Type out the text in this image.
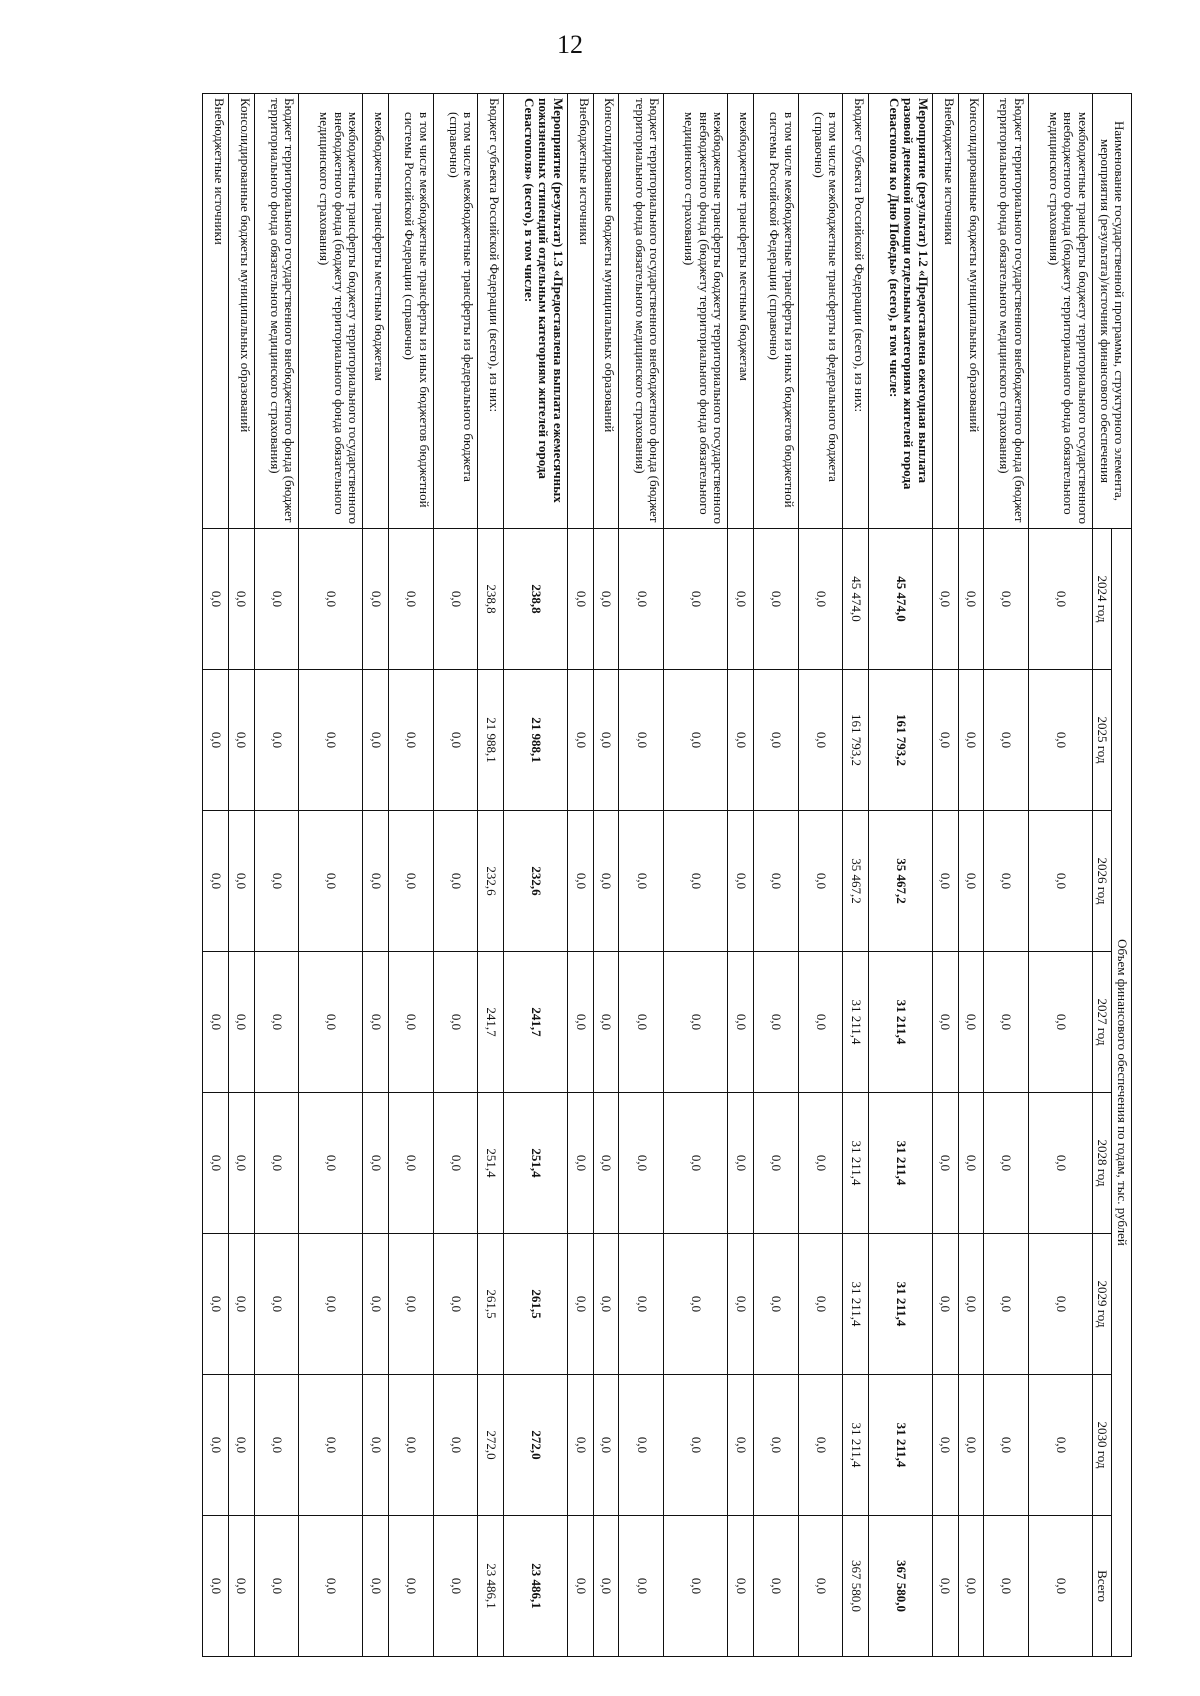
12
Наименование государственной программы, структурного элемента, мероприятия (результата)/источник финансового обеспечения	Объем финансового обеспечения по годам, тыс. рублей							
	2024 год	2025 год	2026 год	2027 год	2028 год	2029 год	2030 год	Всего
межбюджетные трансферты бюджету территориального государственного внебюджетного фонда (бюджету территориального фонда обязательного медицинского страхования)	0,0	0,0	0,0	0,0	0,0	0,0	0,0	0,0
Бюджет территориального государственного внебюджетного фонда (бюджет территориального фонда обязательного медицинского страхования)	0,0	0,0	0,0	0,0	0,0	0,0	0,0	0,0
Консолидированные бюджеты муниципальных образований	0,0	0,0	0,0	0,0	0,0	0,0	0,0	0,0
Внебюджетные источники	0,0	0,0	0,0	0,0	0,0	0,0	0,0	0,0
Мероприятие (результат) 1.2 «Предоставлена ежегодная выплата разовой денежной помощи отдельным категориям жителей города Севастополя ко Дню Победы» (всего), в том числе:	45 474,0	161 793,2	35 467,2	31 211,4	31 211,4	31 211,4	31 211,4	367 580,0
Бюджет субъекта Российской Федерации (всего), из них:	45 474,0	161 793,2	35 467,2	31 211,4	31 211,4	31 211,4	31 211,4	367 580,0
в том числе межбюджетные трансферты из федерального бюджета (справочно)	0,0	0,0	0,0	0,0	0,0	0,0	0,0	0,0
в том числе межбюджетные трансферты из иных бюджетов бюджетной системы Российской Федерации (справочно)	0,0	0,0	0,0	0,0	0,0	0,0	0,0	0,0
межбюджетные трансферты местным бюджетам	0,0	0,0	0,0	0,0	0,0	0,0	0,0	0,0
межбюджетные трансферты бюджету территориального государственного внебюджетного фонда (бюджету территориального фонда обязательного медицинского страхования)	0,0	0,0	0,0	0,0	0,0	0,0	0,0	0,0
Бюджет территориального государственного внебюджетного фонда (бюджет территориального фонда обязательного медицинского страхования)	0,0	0,0	0,0	0,0	0,0	0,0	0,0	0,0
Консолидированные бюджеты муниципальных образований	0,0	0,0	0,0	0,0	0,0	0,0	0,0	0,0
Внебюджетные источники	0,0	0,0	0,0	0,0	0,0	0,0	0,0	0,0
Мероприятие (результат) 1.3 «Предоставлена выплата ежемесячных пожизненных стипендий отдельным категориям жителей города Севастополя» (всего), в том числе:	238,8	21 988,1	232,6	241,7	251,4	261,5	272,0	23 486,1
Бюджет субъекта Российской Федерации (всего), из них:	238,8	21 988,1	232,6	241,7	251,4	261,5	272,0	23 486,1
в том числе межбюджетные трансферты из федерального бюджета (справочно)	0,0	0,0	0,0	0,0	0,0	0,0	0,0	0,0
в том числе межбюджетные трансферты из иных бюджетов бюджетной системы Российской Федерации (справочно)	0,0	0,0	0,0	0,0	0,0	0,0	0,0	0,0
межбюджетные трансферты местным бюджетам	0,0	0,0	0,0	0,0	0,0	0,0	0,0	0,0
межбюджетные трансферты бюджету территориального государственного внебюджетного фонда (бюджету территориального фонда обязательного медицинского страхования)	0,0	0,0	0,0	0,0	0,0	0,0	0,0	0,0
Бюджет территориального государственного внебюджетного фонда (бюджет территориального фонда обязательного медицинского страхования)	0,0	0,0	0,0	0,0	0,0	0,0	0,0	0,0
Консолидированные бюджеты муниципальных образований	0,0	0,0	0,0	0,0	0,0	0,0	0,0	0,0
Внебюджетные источники	0,0	0,0	0,0	0,0	0,0	0,0	0,0	0,0
